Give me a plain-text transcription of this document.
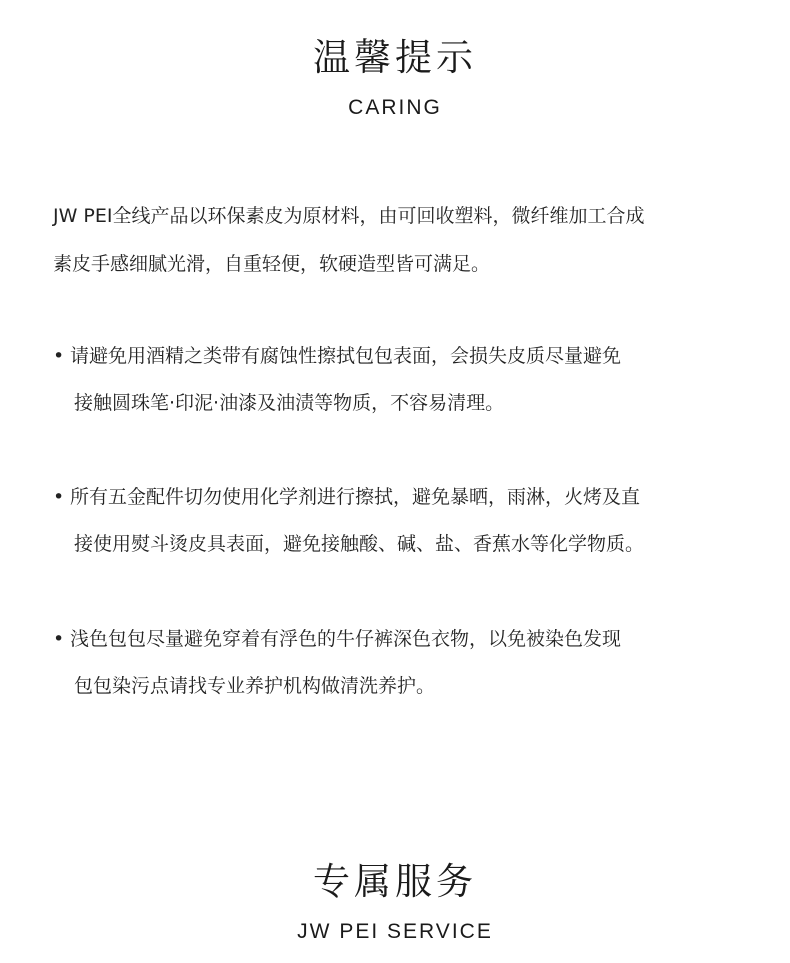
温馨提示
CARING
JW PEI全线产品以环保素皮为原材料，由可回收塑料，微纤维加工合成
素皮手感细腻光滑，自重轻便，软硬造型皆可满足。
• 请避免用酒精之类带有腐蚀性擦拭包包表面，会损失皮质尽量避免
接触圆珠笔·印泥·油漆及油渍等物质，不容易清理。
• 所有五金配件切勿使用化学剂进行擦拭，避免暴晒，雨淋，火烤及直
接使用熨斗烫皮具表面，避免接触酸、碱、盐、香蕉水等化学物质。
• 浅色包包尽量避免穿着有浮色的牛仔裤深色衣物，以免被染色发现
包包染污点请找专业养护机构做清洗养护。
专属服务
JW PEI SERVICE
